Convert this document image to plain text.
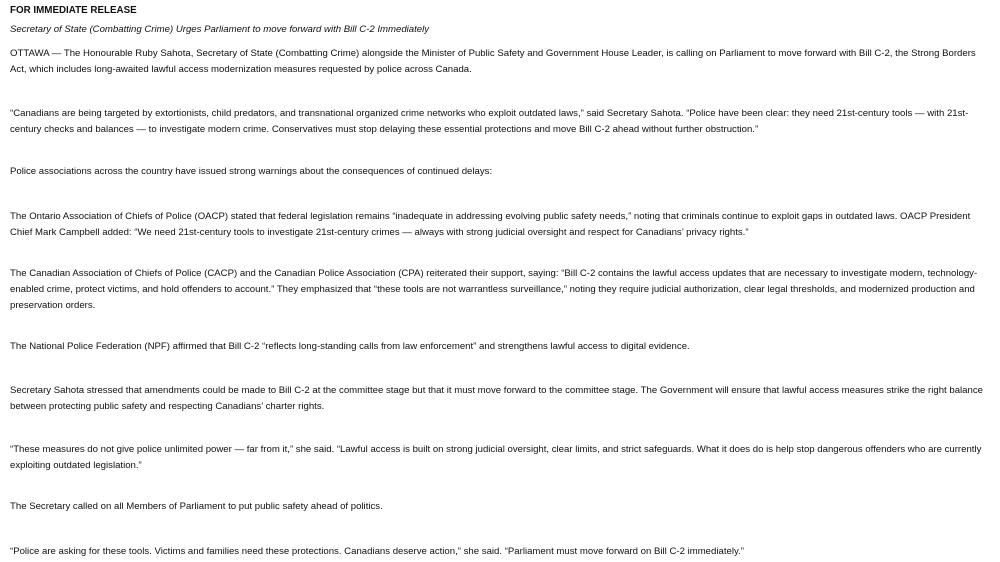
FOR IMMEDIATE RELEASE

Secretary of State (Combatting Crime) Urges Parliament to move forward with Bill C-2 Immediately

OTTAWA — The Honourable Ruby Sahota, Secretary of State (Combatting Crime) alongside the Minister of Public Safety and Government House Leader, is calling on Parliament to move forward with Bill C-2, the Strong Borders Act, which includes long-awaited lawful access modernization measures requested by police across Canada.

“Canadians are being targeted by extortionists, child predators, and transnational organized crime networks who exploit outdated laws,” said Secretary Sahota. “Police have been clear: they need 21st-century tools — with 21st-century checks and balances — to investigate modern crime. Conservatives must stop delaying these essential protections and move Bill C-2 ahead without further obstruction.”

Police associations across the country have issued strong warnings about the consequences of continued delays:

The Ontario Association of Chiefs of Police (OACP) stated that federal legislation remains “inadequate in addressing evolving public safety needs,” noting that criminals continue to exploit gaps in outdated laws. OACP President Chief Mark Campbell added: “We need 21st-century tools to investigate 21st-century crimes — always with strong judicial oversight and respect for Canadians’ privacy rights.”

The Canadian Association of Chiefs of Police (CACP) and the Canadian Police Association (CPA) reiterated their support, saying: “Bill C-2 contains the lawful access updates that are necessary to investigate modern, technology-enabled crime, protect victims, and hold offenders to account.” They emphasized that “these tools are not warrantless surveillance,” noting they require judicial authorization, clear legal thresholds, and modernized production and preservation orders.

The National Police Federation (NPF) affirmed that Bill C-2 “reflects long-standing calls from law enforcement” and strengthens lawful access to digital evidence.

Secretary Sahota stressed that amendments could be made to Bill C-2 at the committee stage but that it must move forward to the committee stage. The Government will ensure that lawful access measures strike the right balance between protecting public safety and respecting Canadians’ charter rights.

“These measures do not give police unlimited power — far from it,” she said. “Lawful access is built on strong judicial oversight, clear limits, and strict safeguards. What it does do is help stop dangerous offenders who are currently exploiting outdated legislation.”

The Secretary called on all Members of Parliament to put public safety ahead of politics.

“Police are asking for these tools. Victims and families need these protections. Canadians deserve action,” she said. “Parliament must move forward on Bill C-2 immediately.”
